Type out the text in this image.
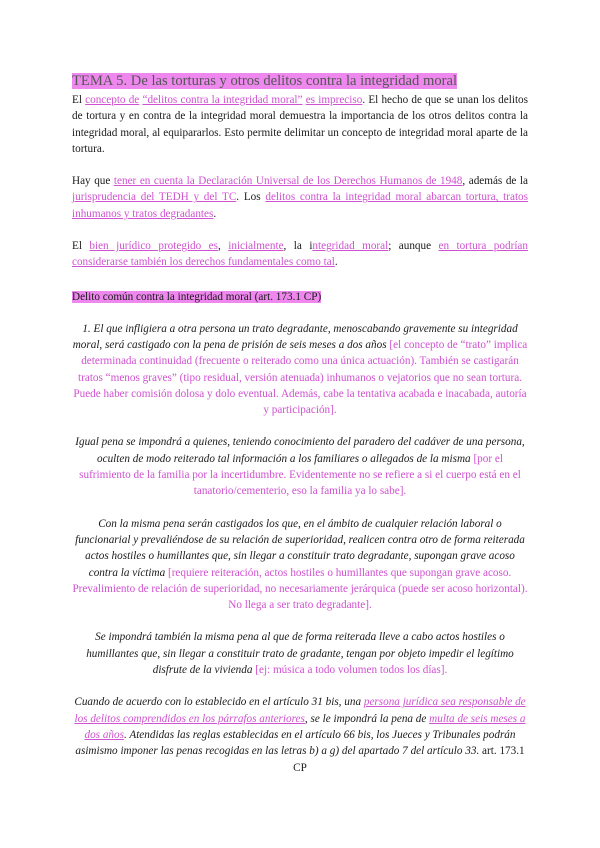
TEMA 5. De las torturas y otros delitos contra la integridad moral

El concepto de “delitos contra la integridad moral” es impreciso. El hecho de que se unan los delitos de tortura y en contra de la integridad moral demuestra la importancia de los otros delitos contra la integridad moral, al equipararlos. Esto permite delimitar un concepto de integridad moral aparte de la tortura.

Hay que tener en cuenta la Declaración Universal de los Derechos Humanos de 1948, además de la jurisprudencia del TEDH y del TC. Los delitos contra la integridad moral abarcan tortura, tratos inhumanos y tratos degradantes.

El bien jurídico protegido es, inicialmente, la integridad moral; aunque en tortura podrían considerarse también los derechos fundamentales como tal.

Delito común contra la integridad moral (art. 173.1 CP)

1. El que infligiera a otra persona un trato degradante, menoscabando gravemente su integridad moral, será castigado con la pena de prisión de seis meses a dos años [el concepto de “trato” implica determinada continuidad (frecuente o reiterado como una única actuación). También se castigarán tratos “menos graves” (tipo residual, versión atenuada) inhumanos o vejatorios que no sean tortura. Puede haber comisión dolosa y dolo eventual. Además, cabe la tentativa acabada e inacabada, autoría y participación].

Igual pena se impondrá a quienes, teniendo conocimiento del paradero del cadáver de una persona, oculten de modo reiterado tal información a los familiares o allegados de la misma [por el sufrimiento de la familia por la incertidumbre. Evidentemente no se refiere a si el cuerpo está en el tanatorio/cementerio, eso la familia ya lo sabe].

Con la misma pena serán castigados los que, en el ámbito de cualquier relación laboral o funcionarial y prevaliéndose de su relación de superioridad, realicen contra otro de forma reiterada actos hostiles o humillantes que, sin llegar a constituir trato degradante, supongan grave acoso contra la víctima [requiere reiteración, actos hostiles o humillantes que supongan grave acoso. Prevalimiento de relación de superioridad, no necesariamente jerárquica (puede ser acoso horizontal). No llega a ser trato degradante].

Se impondrá también la misma pena al que de forma reiterada lleve a cabo actos hostiles o humillantes que, sin llegar a constituir trato de gradante, tengan por objeto impedir el legítimo disfrute de la vivienda [ej: música a todo volumen todos los días].

Cuando de acuerdo con lo establecido en el artículo 31 bis, una persona jurídica sea responsable de los delitos comprendidos en los párrafos anteriores, se le impondrá la pena de multa de seis meses a dos años. Atendidas las reglas establecidas en el artículo 66 bis, los Jueces y Tribunales podrán asimismo imponer las penas recogidas en las letras b) a g) del apartado 7 del artículo 33. art. 173.1 CP
